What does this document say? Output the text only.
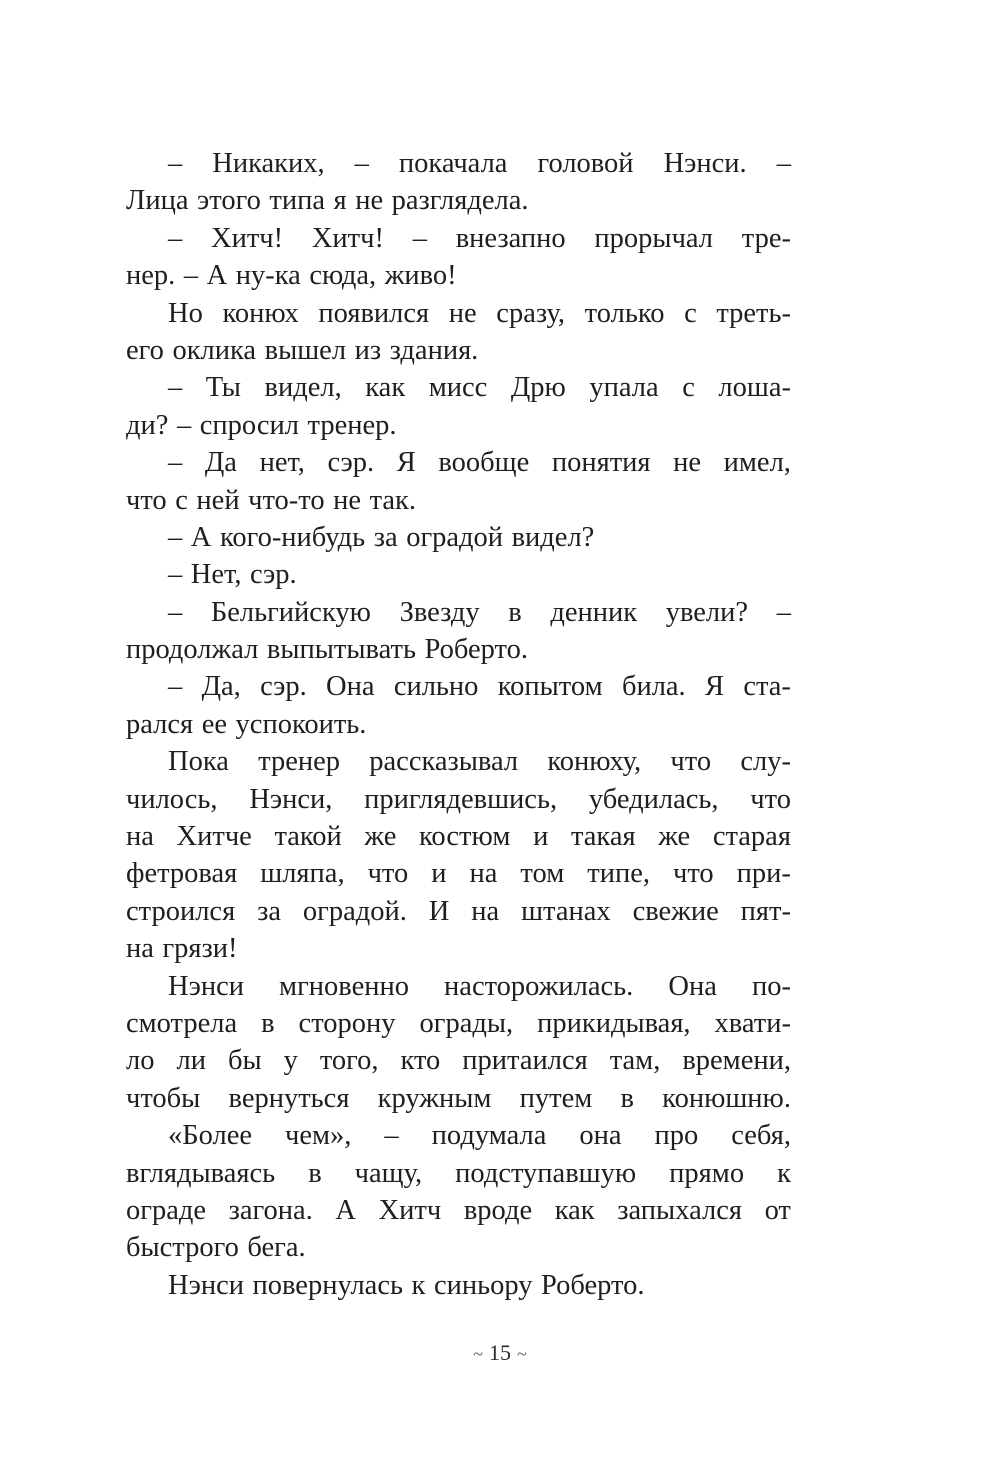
– Никаких, – покачала головой Нэнси. –
Лица этого типа я не разглядела.
– Хитч! Хитч! – внезапно прорычал тре-
нер. – А ну-ка сюда, живо!
Но конюх появился не сразу, только с треть-
его оклика вышел из здания.
– Ты видел, как мисс Дрю упала с лоша-
ди? – спросил тренер.
– Да нет, сэр. Я вообще понятия не имел,
что с ней что-то не так.
– А кого-нибудь за оградой видел?
– Нет, сэр.
– Бельгийскую Звезду в денник увели? –
продолжал выпытывать Роберто.
– Да, сэр. Она сильно копытом била. Я ста-
рался ее успокоить.
Пока тренер рассказывал конюху, что слу-
чилось, Нэнси, приглядевшись, убедилась, что
на Хитче такой же костюм и такая же старая
фетровая шляпа, что и на том типе, что при-
строился за оградой. И на штанах свежие пят-
на грязи!
Нэнси мгновенно насторожилась. Она по-
смотрела в сторону ограды, прикидывая, хвати-
ло ли бы у того, кто притаился там, времени,
чтобы вернуться кружным путем в конюшню.
«Более чем», – подумала она про себя,
вглядываясь в чащу, подступавшую прямо к
ограде загона. А Хитч вроде как запыхался от
быстрого бега.
Нэнси повернулась к синьору Роберто.
~ 15 ~
